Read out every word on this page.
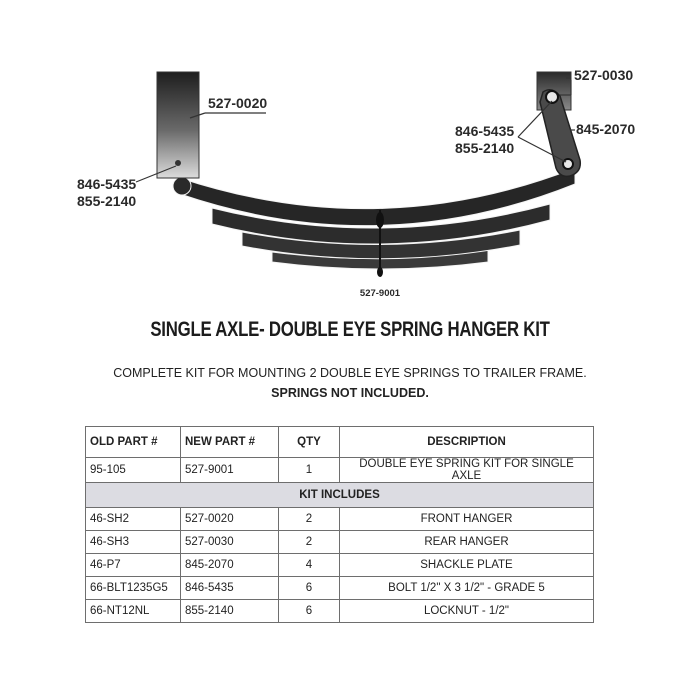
527-0020
527-0030
845-2070
846-5435
855-2140
846-5435
855-2140
527-9001
SINGLE AXLE- DOUBLE EYE SPRING HANGER KIT
COMPLETE KIT FOR MOUNTING 2 DOUBLE EYE SPRINGS TO TRAILER FRAME.
SPRINGS NOT INCLUDED.
OLD PART #	NEW PART #	QTY	DESCRIPTION
95-105	527-9001	1	DOUBLE EYE SPRING KIT FOR SINGLE AXLE
KIT INCLUDES			
46-SH2	527-0020	2	FRONT HANGER
46-SH3	527-0030	2	REAR HANGER
46-P7	845-2070	4	SHACKLE PLATE
66-BLT1235G5	846-5435	6	BOLT 1/2" X 3 1/2" - GRADE 5
66-NT12NL	855-2140	6	LOCKNUT - 1/2"
